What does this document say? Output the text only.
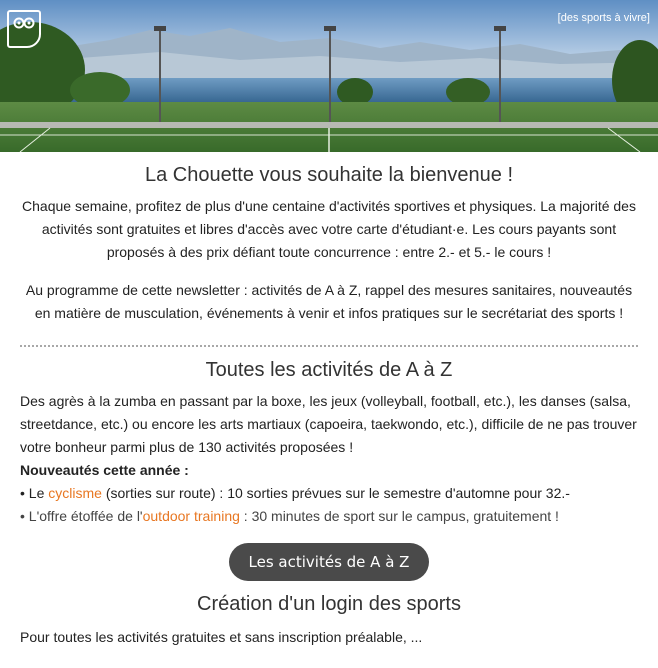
[des sports à vivre]
La Chouette vous souhaite la bienvenue !

Chaque semaine, profitez de plus d'une centaine d'activités sportives et physiques. La majorité des activités sont gratuites et libres d'accès avec votre carte d'étudiant·e. Les cours payants sont proposés à des prix défiant toute concurrence : entre 2.- et 5.- le cours !

Au programme de cette newsletter : activités de A à Z, rappel des mesures sanitaires, nouveautés en matière de musculation, événements à venir et infos pratiques sur le secrétariat des sports !

Toutes les activités de A à Z

Des agrès à la zumba en passant par la boxe, les jeux (volleyball, football, etc.), les danses (salsa, streetdance, etc.) ou encore les arts martiaux (capoeira, taekwondo, etc.), difficile de ne pas trouver votre bonheur parmi plus de 130 activités proposées !

Nouveautés cette année :
• Le cyclisme (sorties sur route) : 10 sorties prévues sur le semestre d'automne pour 32.-
• L'offre étoffée de l'outdoor training : 30 minutes de sport sur le campus, gratuitement !
Les activités de A à Z
Création d'un login des sports

Pour toutes les activités gratuites et sans inscription préalable, ...
